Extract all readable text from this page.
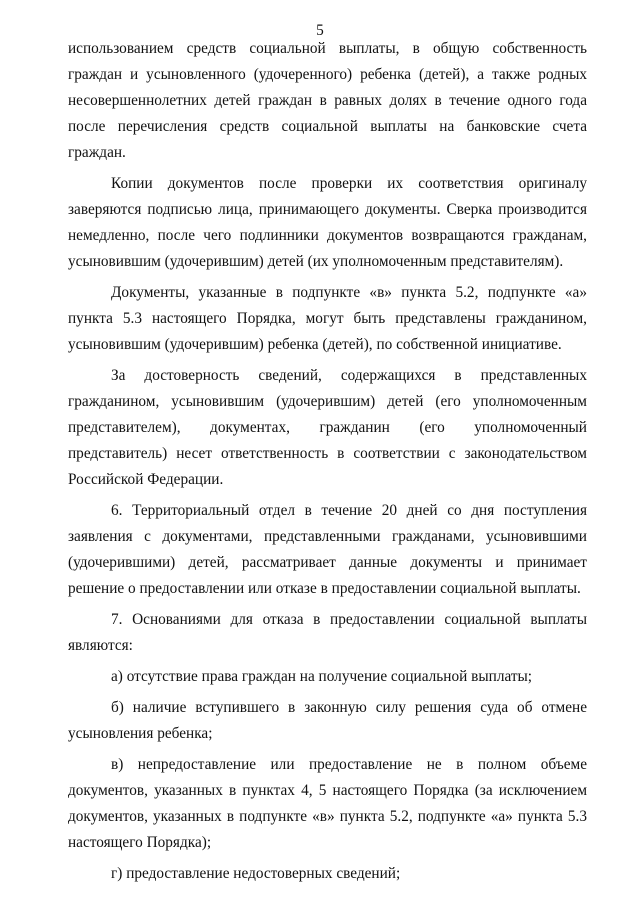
5

использованием средств социальной выплаты, в общую собственность граждан и усыновленного (удочеренного) ребенка (детей), а также родных несовершеннолетних детей граждан в равных долях в течение одного года после перечисления средств социальной выплаты на банковские счета граждан.

Копии документов после проверки их соответствия оригиналу заверяются подписью лица, принимающего документы. Сверка производится немедленно, после чего подлинники документов возвращаются гражданам, усыновившим (удочерившим) детей (их уполномоченным представителям).

Документы, указанные в подпункте «в» пункта 5.2, подпункте «а» пункта 5.3 настоящего Порядка, могут быть представлены гражданином, усыновившим (удочерившим) ребенка (детей), по собственной инициативе.

За достоверность сведений, содержащихся в представленных гражданином, усыновившим (удочерившим) детей (его уполномоченным представителем), документах, гражданин (его уполномоченный представитель) несет ответственность в соответствии с законодательством Российской Федерации.

6. Территориальный отдел в течение 20 дней со дня поступления заявления с документами, представленными гражданами, усыновившими (удочерившими) детей, рассматривает данные документы и принимает решение о предоставлении или отказе в предоставлении социальной выплаты.

7. Основаниями для отказа в предоставлении социальной выплаты являются:

а) отсутствие права граждан на получение социальной выплаты;

б) наличие вступившего в законную силу решения суда об отмене усыновления ребенка;

в) непредоставление или предоставление не в полном объеме документов, указанных в пунктах 4, 5 настоящего Порядка (за исключением документов, указанных в подпункте «в» пункта 5.2, подпункте «а» пункта 5.3 настоящего Порядка);

г) предоставление недостоверных сведений;
